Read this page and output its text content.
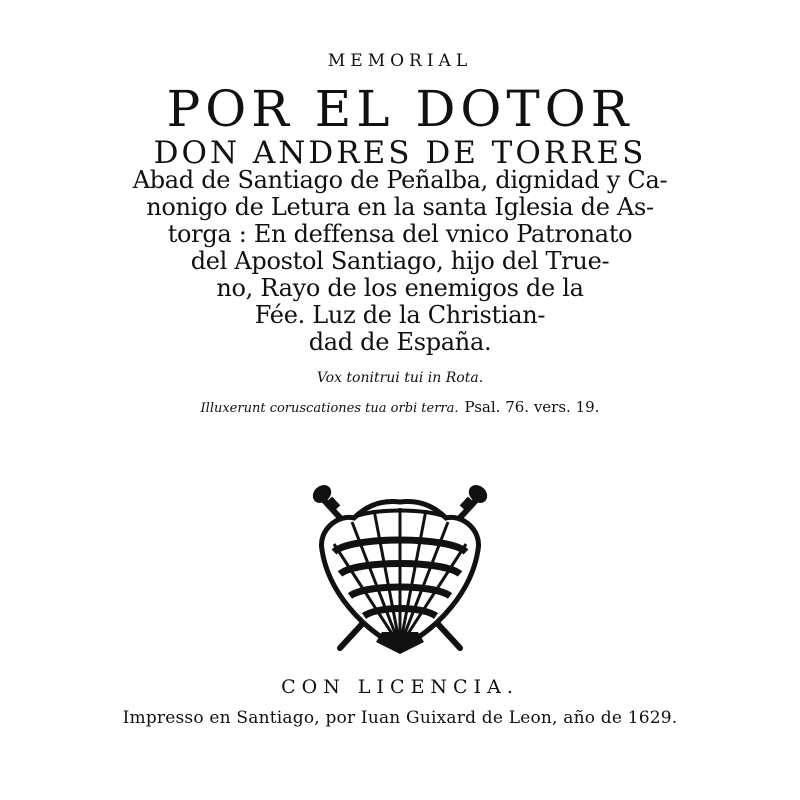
MEMORIAL
POR EL DOTOR
DON ANDRES DE TORRES
Abad de Santiago de Peñalba, dignidad y Ca-
nonigo de Letura en la santa Iglesia de As-
torga : En deffensa del vnico Patronato
del Apostol Santiago, hijo del True-
no, Rayo de los enemigos de la
Fée. Luz de la Christian-
dad de España.
Vox tonitrui tui in Rota.
Illuxerunt coruscationes tua orbi terra. Psal. 76. vers. 19.
CON LICENCIA.
Impresso en Santiago, por Iuan Guixard de Leon, año de 1629.
